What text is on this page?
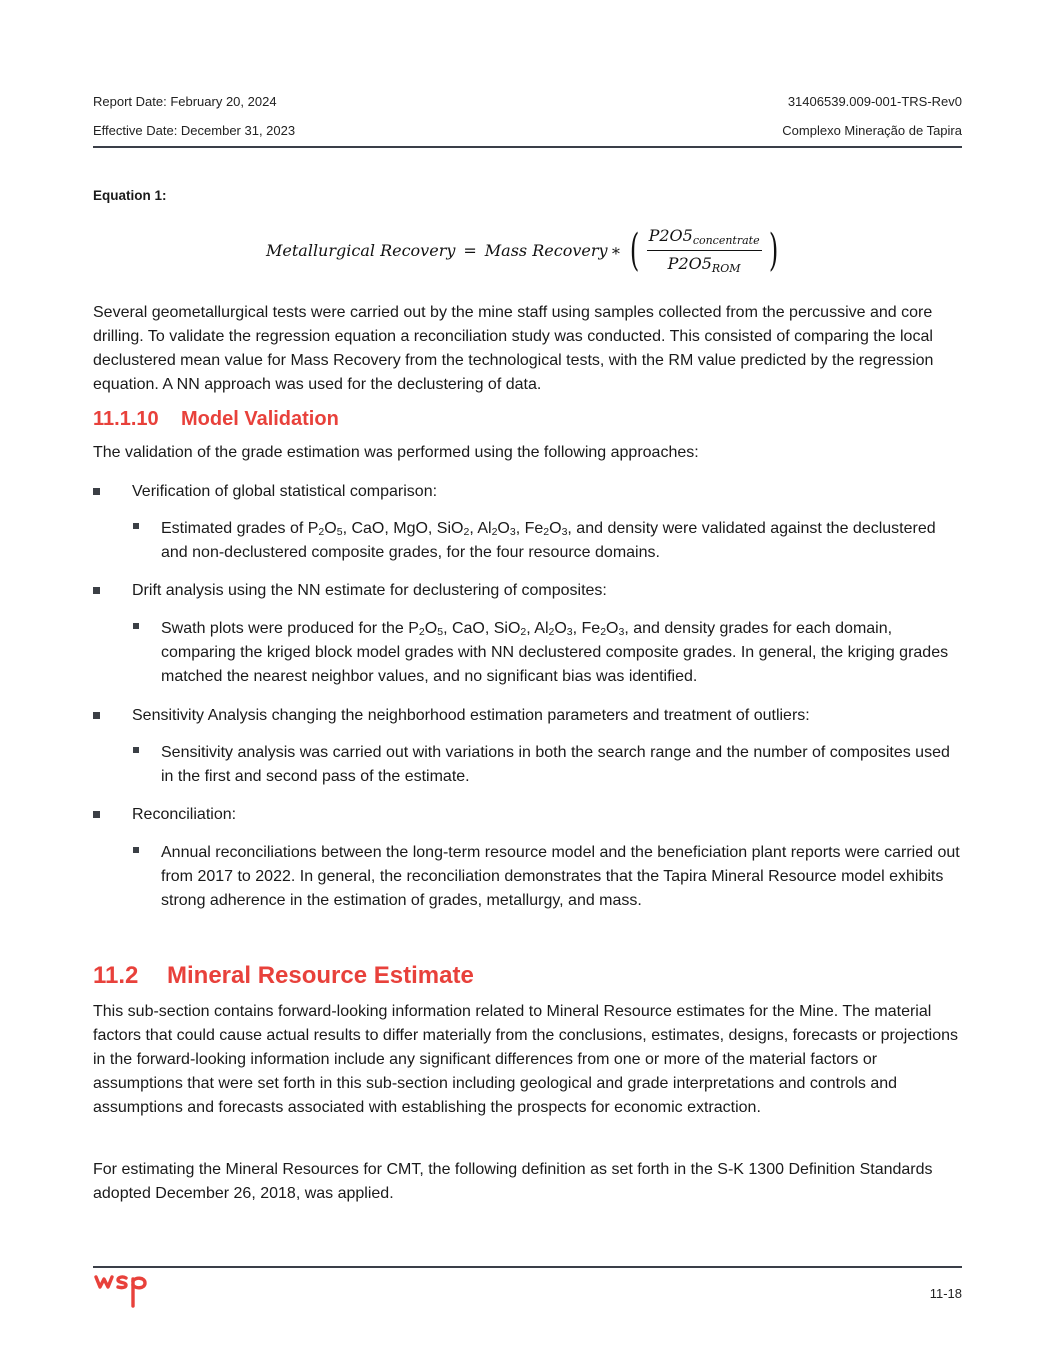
Report Date: February 20, 2024
Effective Date: December 31, 2023
31406539.009-001-TRS-Rev0
Complexo Mineração de Tapira
Equation 1:
Metallurgical Recovery = Mass Recovery ∗ ( $\frac{P2O5_{concentrate}}{P2O5_{ROM}}$ )

Several geometallurgical tests were carried out by the mine staff using samples collected from the percussive and core drilling. To validate the regression equation a reconciliation study was conducted. This consisted of comparing the local declustered mean value for Mass Recovery from the technological tests, with the RM value predicted by the regression equation. A NN approach was used for the declustering of data.

11.1.10 Model Validation

The validation of the grade estimation was performed using the following approaches:

Verification of global statistical comparison:
Estimated grades of $P_2O_5$, CaO, MgO, SiO$_2$, $Al_2O_3$, $Fe_2O_3$, and density were validated against the declustered and non-declustered composite grades, for the four resource domains.
Drift analysis using the NN estimate for declustering of composites:
Swath plots were produced for the $P_2O_5$, CaO, SiO$_2$, $Al_2O_3$, $Fe_2O_3$, and density grades for each domain, comparing the kriged block model grades with NN declustered composite grades. In general, the kriging grades matched the nearest neighbor values, and no significant bias was identified.
Sensitivity Analysis changing the neighborhood estimation parameters and treatment of outliers:
Sensitivity analysis was carried out with variations in both the search range and the number of composites used in the first and second pass of the estimate.
Reconciliation:
Annual reconciliations between the long-term resource model and the beneficiation plant reports were carried out from 2017 to 2022. In general, the reconciliation demonstrates that the Tapira Mineral Resource model exhibits strong adherence in the estimation of grades, metallurgy, and mass.
11.2 Mineral Resource Estimate

This sub-section contains forward-looking information related to Mineral Resource estimates for the Mine. The material factors that could cause actual results to differ materially from the conclusions, estimates, designs, forecasts or projections in the forward-looking information include any significant differences from one or more of the material factors or assumptions that were set forth in this sub-section including geological and grade interpretations and controls and assumptions and forecasts associated with establishing the prospects for economic extraction.

For estimating the Mineral Resources for CMT, the following definition as set forth in the S-K 1300 Definition Standards adopted December 26, 2018, was applied.

wsp
11-18
